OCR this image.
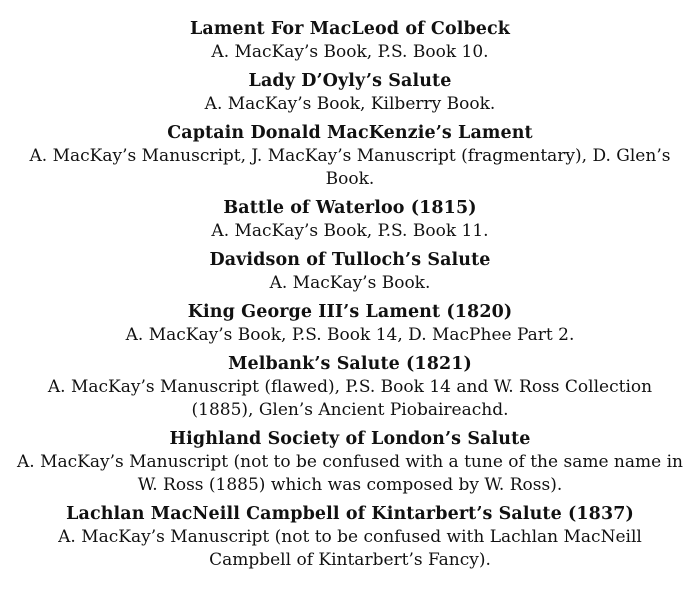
Lament For MacLeod of Colbeck
A. MacKay’s Book, P.S. Book 10.
Lady D’Oyly’s Salute
A. MacKay’s Book, Kilberry Book.
Captain Donald MacKenzie’s Lament
A. MacKay’s Manuscript, J. MacKay’s Manuscript (fragmentary), D. Glen’s Book.
Battle of Waterloo (1815)
A. MacKay’s Book, P.S. Book 11.
Davidson of Tulloch’s Salute
A. MacKay’s Book.
King George III’s Lament (1820)
A. MacKay’s Book, P.S. Book 14, D. MacPhee Part 2.
Melbank’s Salute (1821)
A. MacKay’s Manuscript (flawed), P.S. Book 14 and W. Ross Collection (1885), Glen’s Ancient Piobaireachd.
Highland Society of London’s Salute
A. MacKay’s Manuscript (not to be confused with a tune of the same name in W. Ross (1885) which was composed by W. Ross).
Lachlan MacNeill Campbell of Kintarbert’s Salute (1837)
A. MacKay’s Manuscript (not to be confused with Lachlan MacNeill Campbell of Kintarbert’s Fancy).
